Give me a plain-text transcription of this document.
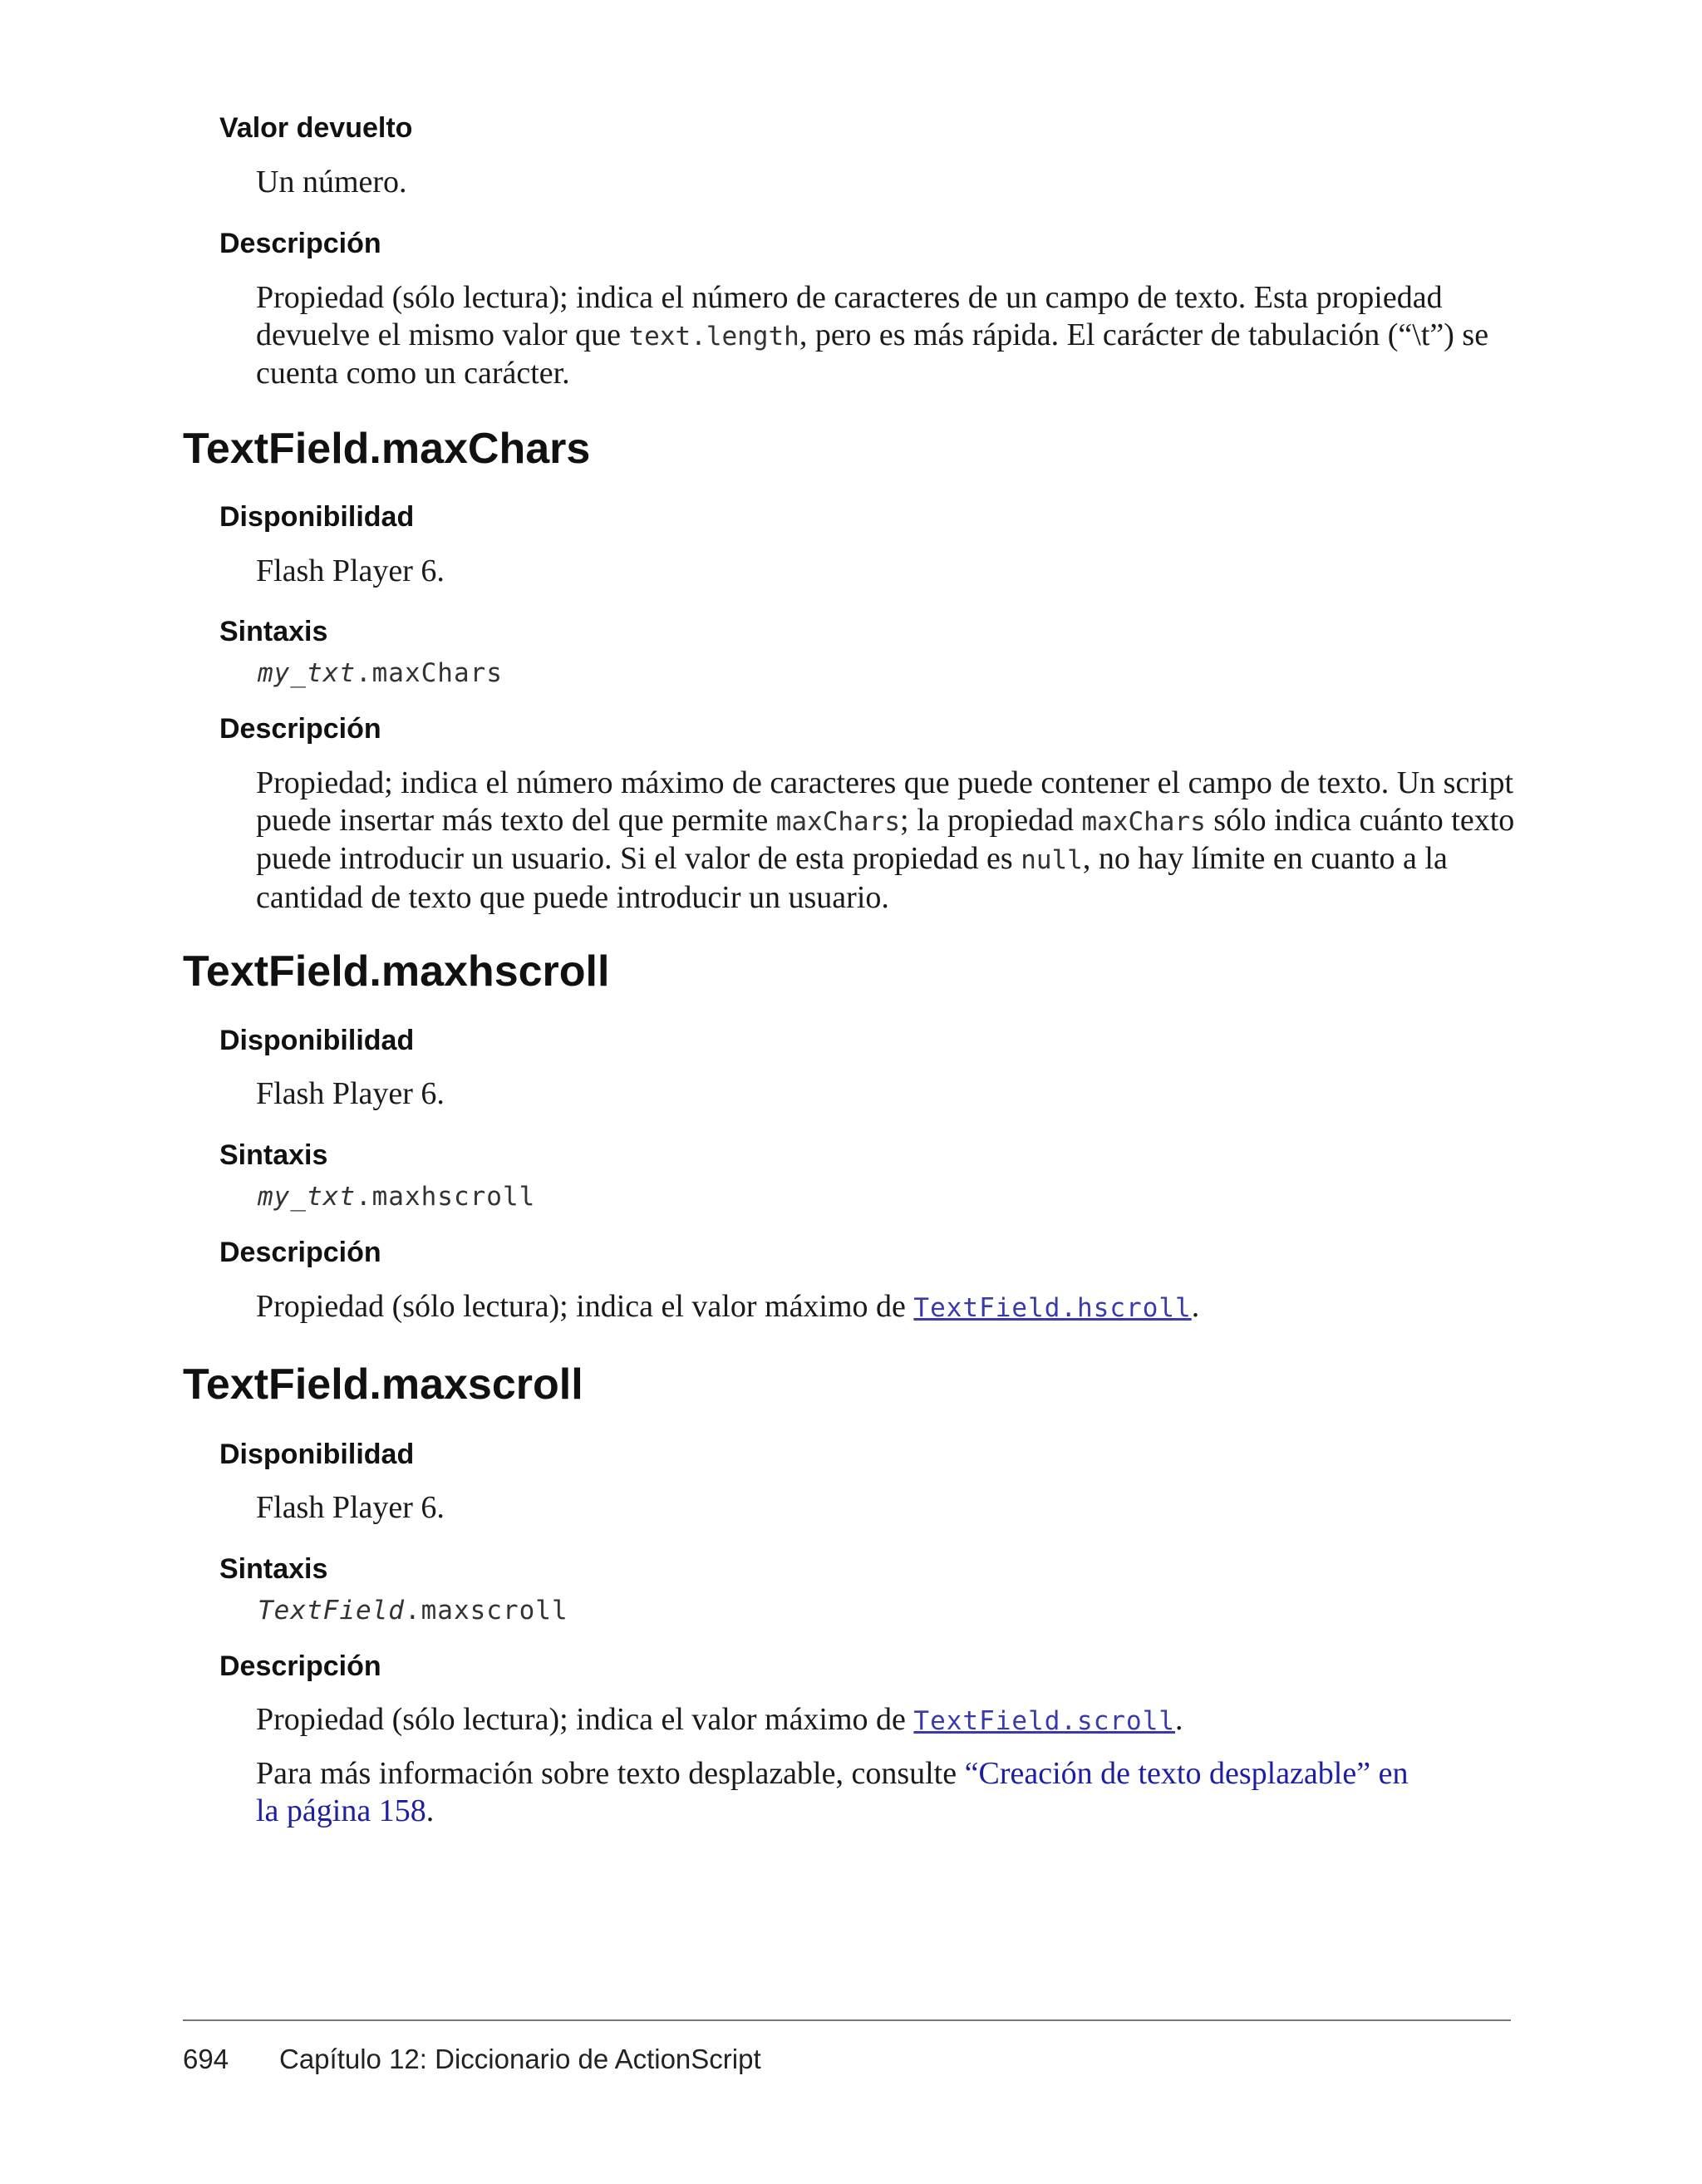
Valor devuelto

Un número.

Descripción

Propiedad (sólo lectura); indica el número de caracteres de un campo de texto. Esta propiedad devuelve el mismo valor que text.length, pero es más rápida. El carácter de tabulación (“\t”) se cuenta como un carácter.

TextField.maxChars
Disponibilidad

Flash Player 6.

Sintaxis

my_txt.maxChars

Descripción

Propiedad; indica el número máximo de caracteres que puede contener el campo de texto. Un script puede insertar más texto del que permite maxChars; la propiedad maxChars sólo indica cuánto texto puede introducir un usuario. Si el valor de esta propiedad es null, no hay límite en cuanto a la cantidad de texto que puede introducir un usuario.

TextField.maxhscroll
Disponibilidad

Flash Player 6.

Sintaxis

my_txt.maxhscroll

Descripción

Propiedad (sólo lectura); indica el valor máximo de TextField.hscroll.

TextField.maxscroll
Disponibilidad

Flash Player 6.

Sintaxis

TextField.maxscroll

Descripción

Propiedad (sólo lectura); indica el valor máximo de TextField.scroll.

Para más información sobre texto desplazable, consulte “Creación de texto desplazable” en la página 158.

694 Capítulo 12: Diccionario de ActionScript
